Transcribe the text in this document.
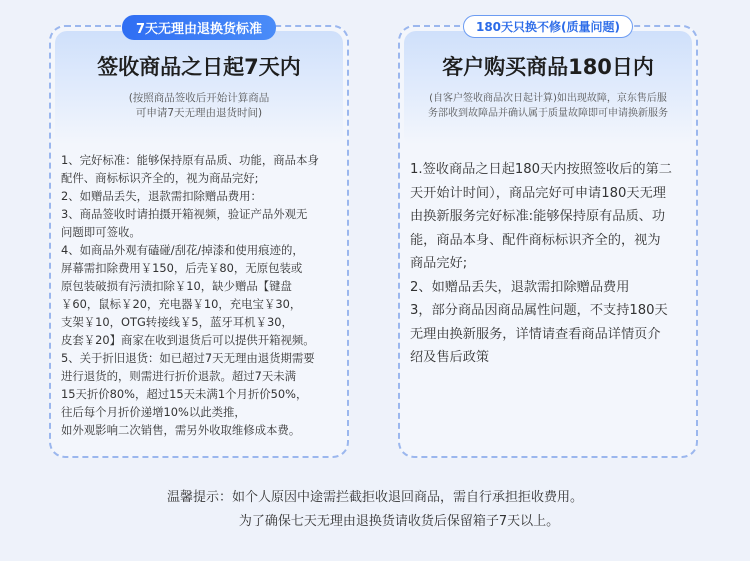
签收商品之日起7天内
(按照商品签收后开始计算商品
可申请7天无理由退货时间)
7天无理由退换货标准

1、完好标准：能够保持原有品质、功能，商品本身
配件、商标标识齐全的，视为商品完好;

2、如赠品丢失，退款需扣除赠品费用：

3、商品签收时请拍摄开箱视频，验证产品外观无
问题即可签收。

4、如商品外观有磕碰/刮花/掉漆和使用痕迹的，
屏幕需扣除费用￥150，后壳￥80，无原包装或
原包装破损有污渍扣除￥10，缺少赠品【键盘
￥60，鼠标￥20，充电器￥10，充电宝￥30，
支架￥10，OTG转接线￥5，蓝牙耳机￥30，
皮套￥20】商家在收到退货后可以提供开箱视频。

5、关于折旧退货：如已超过7天无理由退货期需要
进行退货的，则需进行折价退款。超过7天未满
15天折价80%，超过15天未满1个月折价50%，
往后每个月折价递增10%以此类推，
如外观影响二次销售，需另外收取维修成本费。

客户购买商品180日内
(自客户签收商品次日起计算)如出现故障，京东售后服
务部收到故障品并确认属于质量故障即可申请换新服务
180天只换不修(质量问题)

1.签收商品之日起180天内按照签收后的第二
天开始计时间），商品完好可申请180天无理
由换新服务完好标准:能够保持原有品质、功
能，商品本身、配件商标标识齐全的，视为
商品完好;

2、如赠品丢失，退款需扣除赠品费用

3，部分商品因商品属性问题，不支持180天
无理由换新服务，详情请查看商品详情页介
绍及售后政策

温馨提示：如个人原因中途需拦截拒收退回商品，需自行承担拒收费用。

为了确保七天无理由退换货请收货后保留箱子7天以上。
